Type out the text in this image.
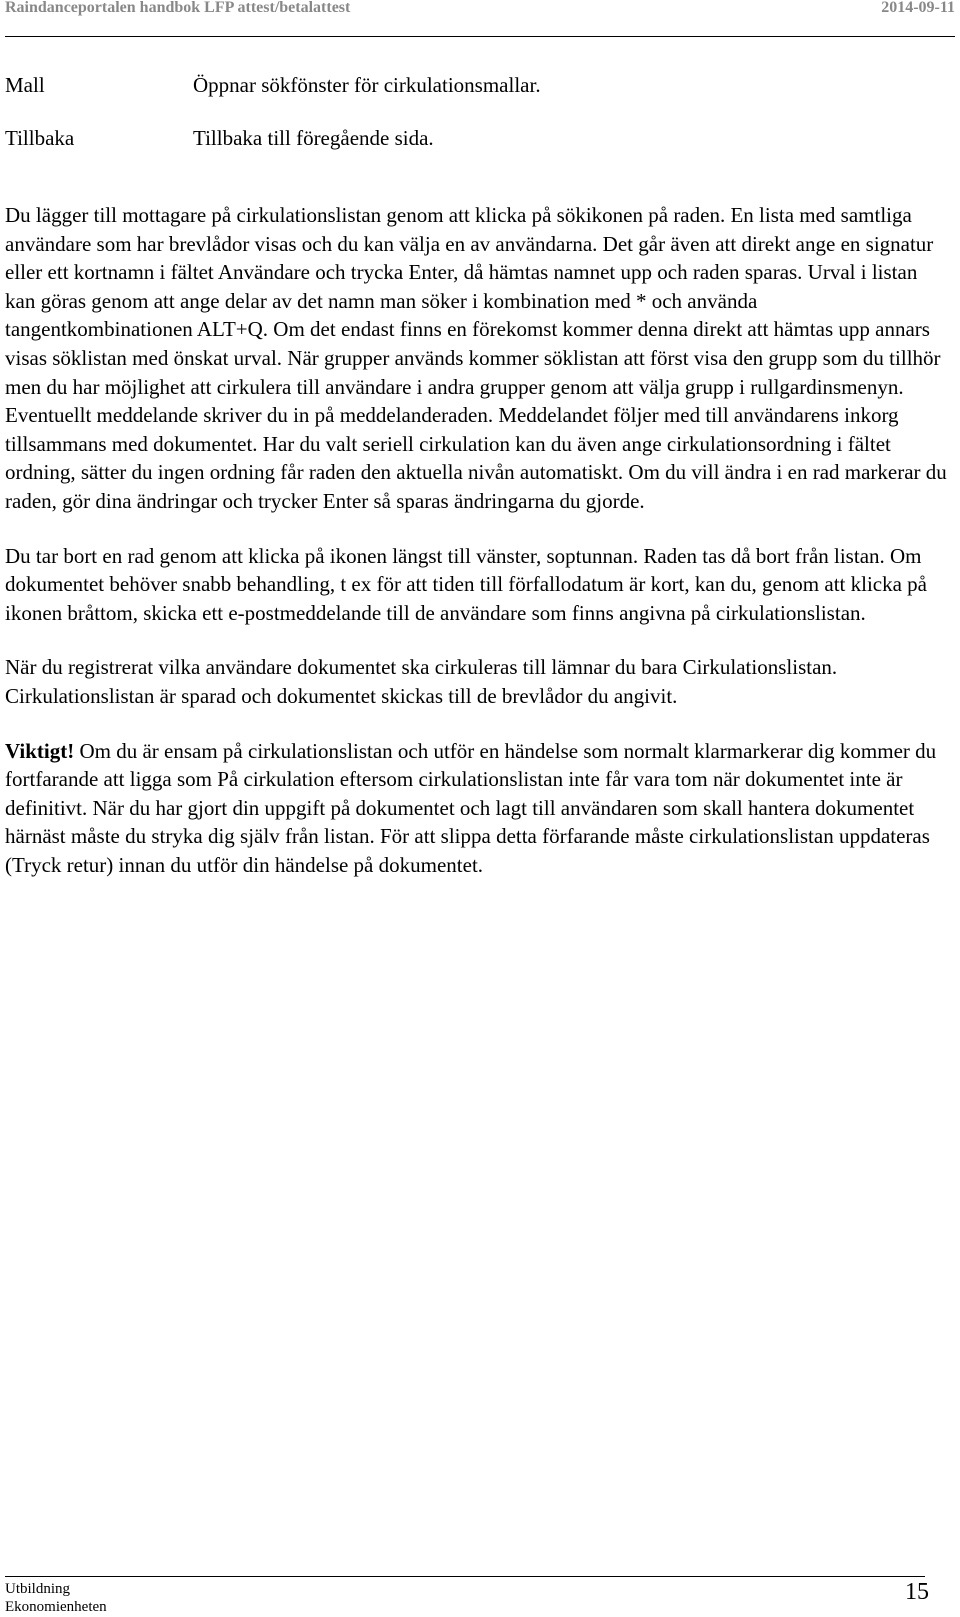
Raindanceportalen handbok LFP attest/betalattest	2014-09-11
Mall	Öppnar sökfönster för cirkulationsmallar.
Tillbaka	Tillbaka till föregående sida.

Du lägger till mottagare på cirkulationslistan genom att klicka på sökikonen på raden. En lista med samtliga användare som har brevlådor visas och du kan välja en av användarna. Det går även att direkt ange en signatur eller ett kortnamn i fältet Användare och trycka Enter, då hämtas namnet upp och raden sparas. Urval i listan kan göras genom att ange delar av det namn man söker i kombination med * och använda tangentkombinationen ALT+Q. Om det endast finns en förekomst kommer denna direkt att hämtas upp annars visas söklistan med önskat urval. När grupper används kommer söklistan att först visa den grupp som du tillhör men du har möjlighet att cirkulera till användare i andra grupper genom att välja grupp i rullgardinsmenyn. Eventuellt meddelande skriver du in på meddelanderaden. Meddelandet följer med till användarens inkorg tillsammans med dokumentet. Har du valt seriell cirkulation kan du även ange cirkulationsordning i fältet ordning, sätter du ingen ordning får raden den aktuella nivån automatiskt. Om du vill ändra i en rad markerar du raden, gör dina ändringar och trycker Enter så sparas ändringarna du gjorde.

Du tar bort en rad genom att klicka på ikonen längst till vänster, soptunnan. Raden tas då bort från listan. Om dokumentet behöver snabb behandling, t ex för att tiden till förfallodatum är kort, kan du, genom att klicka på ikonen bråttom, skicka ett e-postmeddelande till de användare som finns angivna på cirkulationslistan.

När du registrerat vilka användare dokumentet ska cirkuleras till lämnar du bara Cirkulationslistan. Cirkulationslistan är sparad och dokumentet skickas till de brevlådor du angivit.

Viktigt! Om du är ensam på cirkulationslistan och utför en händelse som normalt klarmarkerar dig kommer du fortfarande att ligga som På cirkulation eftersom cirkulationslistan inte får vara tom när dokumentet inte är definitivt. När du har gjort din uppgift på dokumentet och lagt till användaren som skall hantera dokumentet härnäst måste du stryka dig själv från listan. För att slippa detta förfarande måste cirkulationslistan uppdateras (Tryck retur) innan du utför din händelse på dokumentet.

Utbildning
Ekonomienheten
15
